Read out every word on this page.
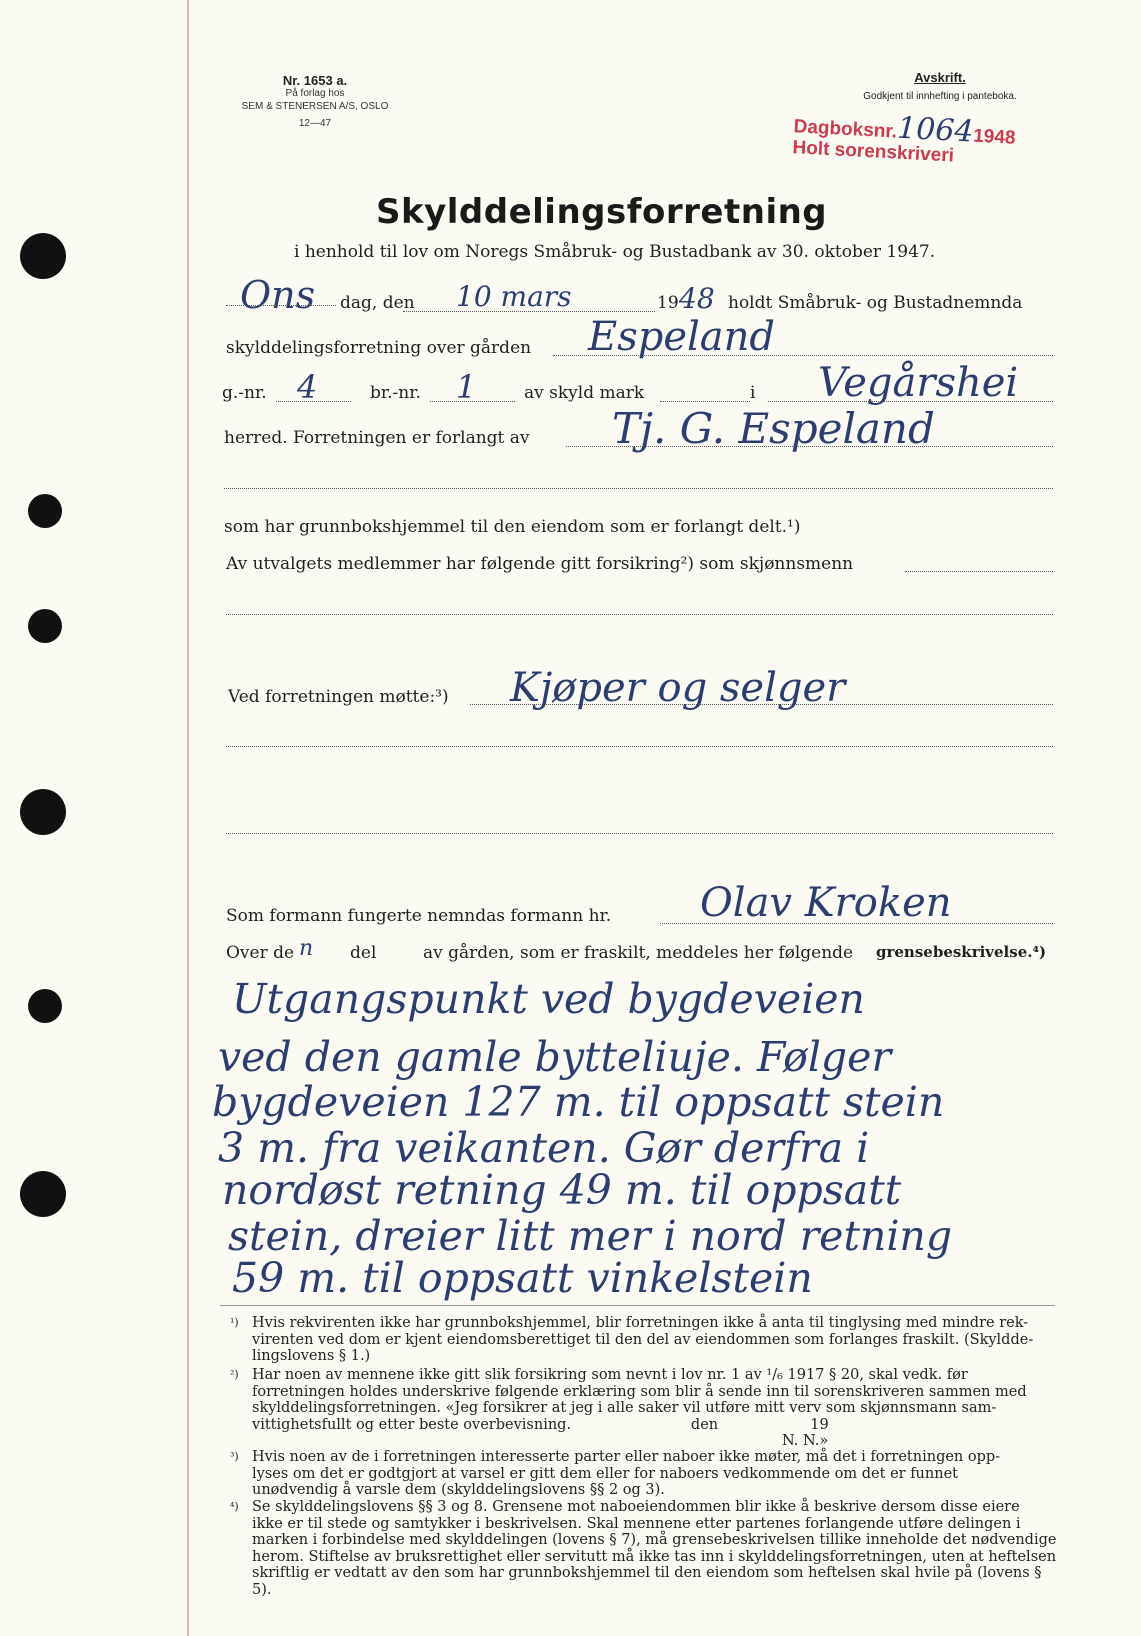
Nr. 1653 a.
På forlag hos
SEM & STENERSEN A/S, OSLO
12—47
Avskrift.
Godkjent til innhefting i panteboka.
Dagboksnr.10641948
Holt sorenskriveri
Skylddelingsforretning
i henhold til lov om Noregs Småbruk- og Bustadbank av 30. oktober 1947.
Ons dag, den 10 mars	19 48 holdt Småbruk- og Bustadnemnda
skylddelingsforretning over gården Espeland
g.-nr. 4	br.-nr. 1	av skyld mark	i Vegårshei
herred. Forretningen er forlangt av Tj. G. Espeland
som har grunnbokshjemmel til den eiendom som er forlangt delt.¹)
Av utvalgets medlemmer har følgende gitt forsikring²) som skjønnsmenn
Ved forretningen møtte:³) Kjøper og selger
Som formann fungerte nemndas formann hr. Olav Kroken
Over de n del	av gården, som er fraskilt, meddeles her følgende grensebeskrivelse.⁴)
Utgangspunkt ved bygdeveien
ved den gamle bytteliuje. Følger
bygdeveien 127 m. til oppsatt stein
3 m. fra veikanten. Gør derfra i
nordøst retning 49 m. til oppsatt
stein, dreier litt mer i nord retning
59 m. til oppsatt vinkelstein
¹) Hvis rekvirenten ikke har grunnbokshjemmel, blir forretningen ikke å anta til tinglysing med mindre rek-
virenten ved dom er kjent eiendomsberettiget til den del av eiendommen som forlanges fraskilt. (Skyldde-
lingslovens § 1.)
²) Har noen av mennene ikke gitt slik forsikring som nevnt i lov nr. 1 av ¹/₆ 1917 § 20, skal vedk. før
forretningen holdes underskrive følgende erklæring som blir å sende inn til sorenskriveren sammen med
skylddelingsforretningen. «Jeg forsikrer at jeg i alle saker vil utføre mitt verv som skjønnsmann sam-
vittighetsfullt og etter beste overbevisning.                          den                    19
N. N.»
³) Hvis noen av de i forretningen interesserte parter eller naboer ikke møter, må det i forretningen opp-
lyses om det er godtgjort at varsel er gitt dem eller for naboers vedkommende om det er funnet
unødvendig å varsle dem (skylddelingslovens §§ 2 og 3).
⁴) Se skylddelingslovens §§ 3 og 8. Grensene mot naboeiendommen blir ikke å beskrive dersom disse eiere
ikke er til stede og samtykker i beskrivelsen. Skal mennene etter partenes forlangende utføre delingen i
marken i forbindelse med skylddelingen (lovens § 7), må grensebeskrivelsen tillike inneholde det nødvendige
herom. Stiftelse av bruksrettighet eller servitutt må ikke tas inn i skylddelingsforretningen, uten at heftelsen
skriftlig er vedtatt av den som har grunnbokshjemmel til den eiendom som heftelsen skal hvile på (lovens § 5).
